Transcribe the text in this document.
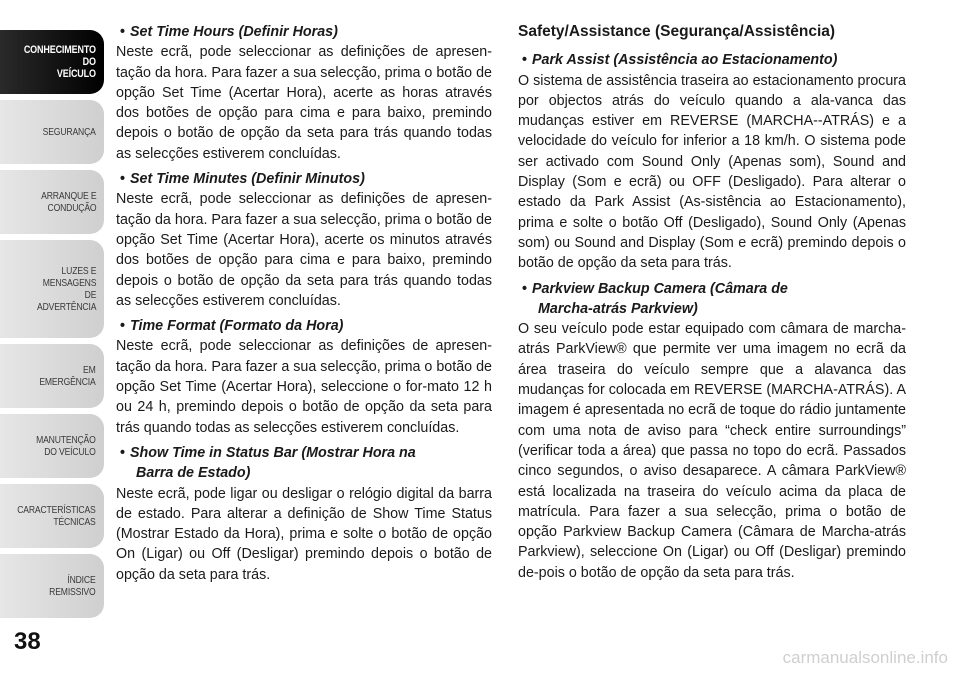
CONHECIMENTO
DO
VEÍCULO
SEGURANÇA
ARRANQUE E
CONDUÇÃO
LUZES E
MENSAGENS
DE
ADVERTÊNCIA
EM
EMERGÊNCIA
MANUTENÇÃO
DO VEÍCULO
CARACTERÍSTICAS
TÉCNICAS
ÍNDICE
REMISSIVO
38

• Set Time Hours (Definir Horas)

Neste ecrã, pode seleccionar as definições de apresen-tação da hora. Para fazer a sua selecção, prima o botão de opção Set Time (Acertar Hora), acerte as horas através dos botões de opção para cima e para baixo, premindo depois o botão de opção da seta para trás quando todas as selecções estiverem concluídas.

• Set Time Minutes (Definir Minutos)

Neste ecrã, pode seleccionar as definições de apresen-tação da hora. Para fazer a sua selecção, prima o botão de opção Set Time (Acertar Hora), acerte os minutos através dos botões de opção para cima e para baixo, premindo depois o botão de opção da seta para trás quando todas as selecções estiverem concluídas.

• Time Format (Formato da Hora)

Neste ecrã, pode seleccionar as definições de apresen-tação da hora. Para fazer a sua selecção, prima o botão de opção Set Time (Acertar Hora), seleccione o for-mato 12 h ou 24 h, premindo depois o botão de opção da seta para trás quando todas as selecções estiverem concluídas.

• Show Time in Status Bar (Mostrar Hora na
Barra de Estado)

Neste ecrã, pode ligar ou desligar o relógio digital da barra de estado. Para alterar a definição de Show Time Status (Mostrar Estado da Hora), prima e solte o botão de opção On (Ligar) ou Off (Desligar) premindo depois o botão de opção da seta para trás.

Safety/Assistance (Segurança/Assistência)

• Park Assist (Assistência ao Estacionamento)

O sistema de assistência traseira ao estacionamento procura por objectos atrás do veículo quando a ala-vanca das mudanças estiver em REVERSE (MARCHA--ATRÁS) e a velocidade do veículo for inferior a 18 km/h. O sistema pode ser activado com Sound Only (Apenas som), Sound and Display (Som e ecrã) ou OFF (Desligado). Para alterar o estado da Park Assist (As-sistência ao Estacionamento), prima e solte o botão Off (Desligado), Sound Only (Apenas som) ou Sound and Display (Som e ecrã) premindo depois o botão de opção da seta para trás.

• Parkview Backup Camera (Câmara de
Marcha-atrás Parkview)

O seu veículo pode estar equipado com câmara de marcha-atrás ParkView® que permite ver uma imagem no ecrã da área traseira do veículo sempre que a alavanca das mudanças for colocada em REVERSE (MARCHA-ATRÁS). A imagem é apresentada no ecrã de toque do rádio juntamente com uma nota de aviso para “check entire surroundings” (verificar toda a área) que passa no topo do ecrã. Passados cinco segundos, o aviso desaparece. A câmara ParkView® está localizada na traseira do veículo acima da placa de matrícula. Para fazer a sua selecção, prima o botão de opção Parkview Backup Camera (Câmara de Marcha-atrás Parkview), seleccione On (Ligar) ou Off (Desligar) premindo de-pois o botão de opção da seta para trás.

carmanualsonline.info
